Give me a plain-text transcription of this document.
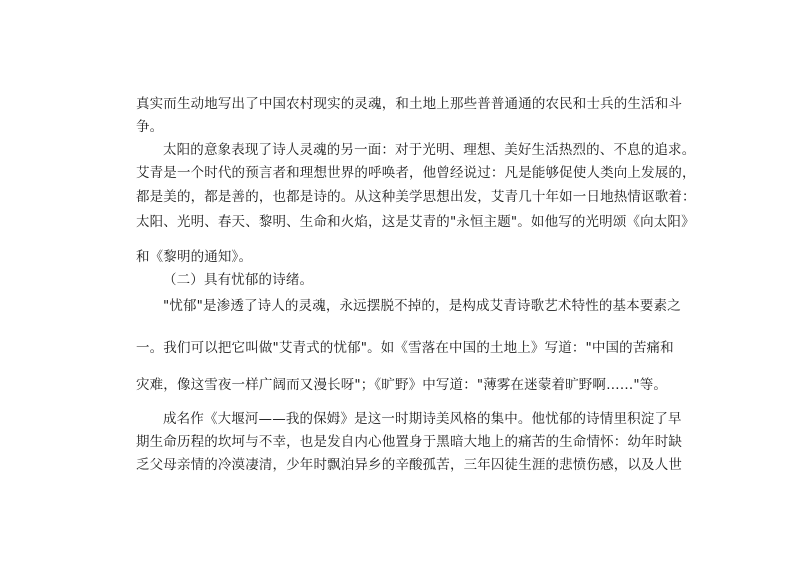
真实而生动地写出了中国农村现实的灵魂，和土地上那些普普通通的农民和士兵的生活和斗
争。
太阳的意象表现了诗人灵魂的另一面：对于光明、理想、美好生活热烈的、不息的追求。
艾青是一个时代的预言者和理想世界的呼唤者，他曾经说过：凡是能够促使人类向上发展的，
都是美的，都是善的，也都是诗的。从这种美学思想出发，艾青几十年如一日地热情讴歌着：
太阳、光明、春天、黎明、生命和火焰，这是艾青的"永恒主题"。如他写的光明颂《向太阳》
和《黎明的通知》。
（二）具有忧郁的诗绪。
"忧郁"是渗透了诗人的灵魂，永远摆脱不掉的，是构成艾青诗歌艺术特性的基本要素之
一。我们可以把它叫做"艾青式的忧郁"。如《雪落在中国的土地上》写道："中国的苦痛和
灾难，像这雪夜一样广阔而又漫长呀"；《旷野》中写道："薄雾在迷蒙着旷野啊……"等。
成名作《大堰河——我的保姆》是这一时期诗美风格的集中。他忧郁的诗情里积淀了早
期生命历程的坎坷与不幸，也是发自内心他置身于黑暗大地上的痛苦的生命情怀：幼年时缺
乏父母亲情的冷漠凄清，少年时飘泊异乡的辛酸孤苦，三年囚徒生涯的悲愤伤感，以及人世
